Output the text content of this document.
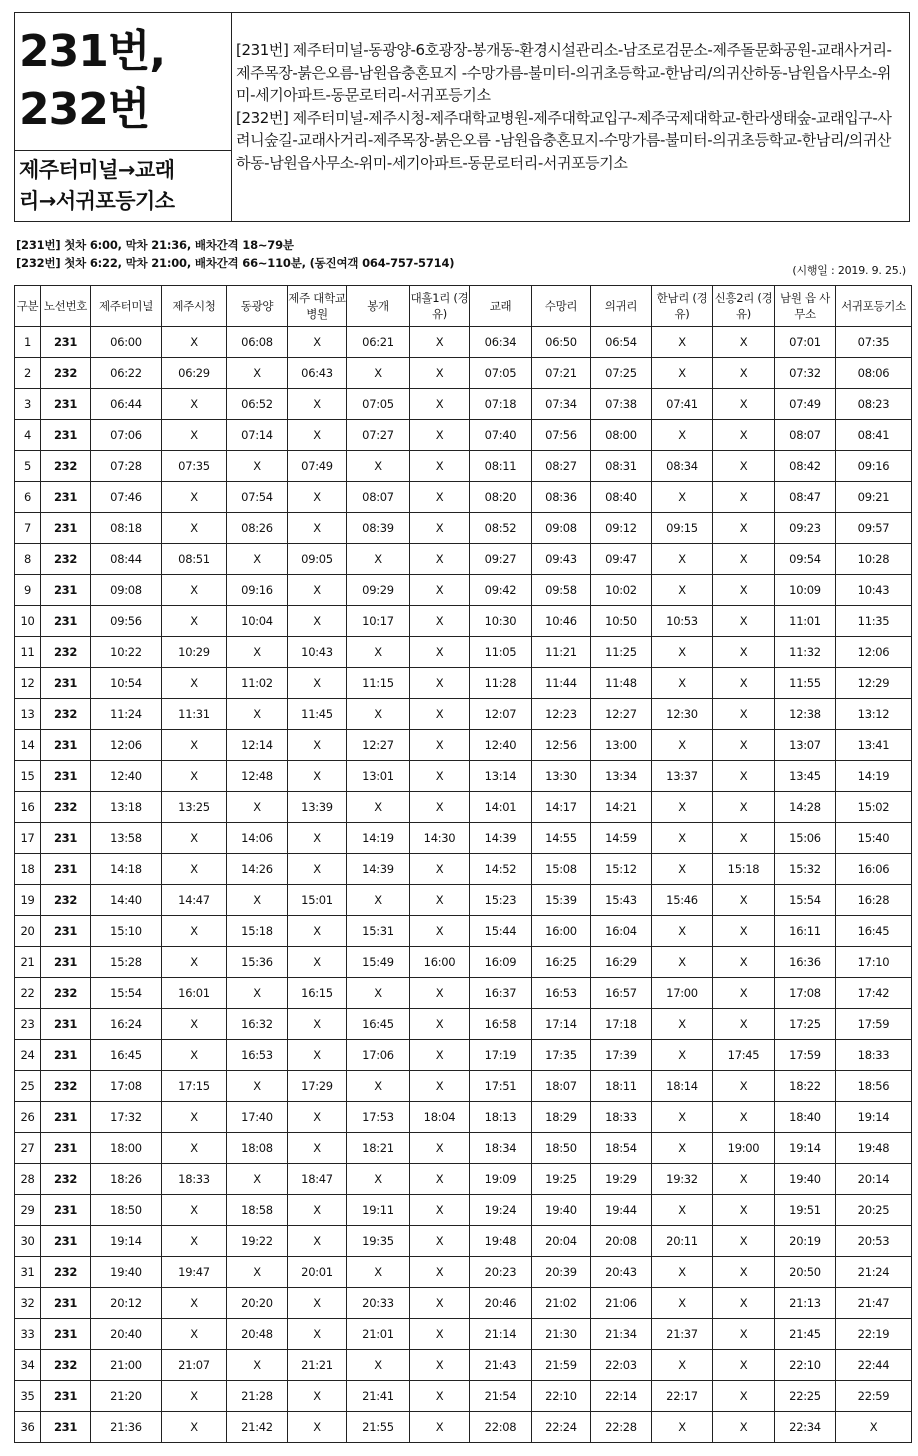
231번,
232번
제주터미널→교래
리→서귀포등기소
[231번] 제주터미널-동광양-6호광장-봉개동-환경시설관리소-남조로검문소-제주돌문화공원-교래사거리-제주목장-붉은오름-남원읍충혼묘지 -수망가름-불미터-의귀초등학교-한남리/의귀산하동-남원읍사무소-위미-세기아파트-동문로터리-서귀포등기소
[232번] 제주터미널-제주시청-제주대학교병원-제주대학교입구-제주국제대학교-한라생태숲-교래입구-사려니숲길-교래사거리-제주목장-붉은오름 -남원읍충혼묘지-수망가름-불미터-의귀초등학교-한남리/의귀산하동-남원읍사무소-위미-세기아파트-동문로터리-서귀포등기소
[231번] 첫차 6:00, 막차 21:36, 배차간격 18~79분
[232번] 첫차 6:22, 막차 21:00, 배차간격 66~110분, (동진여객 064-757-5714)
(시행일 : 2019. 9. 25.)
구분	노선번호	제주터미널	제주시청	동광양	제주 대학교병원	봉개	대흘1리 (경유)	교래	수망리	의귀리	한남리 (경유)	신흥2리 (경유)	남원 읍 사무소	서귀포등기소
1	231	06:00	X	06:08	X	06:21	X	06:34	06:50	06:54	X	X	07:01	07:35
2	232	06:22	06:29	X	06:43	X	X	07:05	07:21	07:25	X	X	07:32	08:06
3	231	06:44	X	06:52	X	07:05	X	07:18	07:34	07:38	07:41	X	07:49	08:23
4	231	07:06	X	07:14	X	07:27	X	07:40	07:56	08:00	X	X	08:07	08:41
5	232	07:28	07:35	X	07:49	X	X	08:11	08:27	08:31	08:34	X	08:42	09:16
6	231	07:46	X	07:54	X	08:07	X	08:20	08:36	08:40	X	X	08:47	09:21
7	231	08:18	X	08:26	X	08:39	X	08:52	09:08	09:12	09:15	X	09:23	09:57
8	232	08:44	08:51	X	09:05	X	X	09:27	09:43	09:47	X	X	09:54	10:28
9	231	09:08	X	09:16	X	09:29	X	09:42	09:58	10:02	X	X	10:09	10:43
10	231	09:56	X	10:04	X	10:17	X	10:30	10:46	10:50	10:53	X	11:01	11:35
11	232	10:22	10:29	X	10:43	X	X	11:05	11:21	11:25	X	X	11:32	12:06
12	231	10:54	X	11:02	X	11:15	X	11:28	11:44	11:48	X	X	11:55	12:29
13	232	11:24	11:31	X	11:45	X	X	12:07	12:23	12:27	12:30	X	12:38	13:12
14	231	12:06	X	12:14	X	12:27	X	12:40	12:56	13:00	X	X	13:07	13:41
15	231	12:40	X	12:48	X	13:01	X	13:14	13:30	13:34	13:37	X	13:45	14:19
16	232	13:18	13:25	X	13:39	X	X	14:01	14:17	14:21	X	X	14:28	15:02
17	231	13:58	X	14:06	X	14:19	14:30	14:39	14:55	14:59	X	X	15:06	15:40
18	231	14:18	X	14:26	X	14:39	X	14:52	15:08	15:12	X	15:18	15:32	16:06
19	232	14:40	14:47	X	15:01	X	X	15:23	15:39	15:43	15:46	X	15:54	16:28
20	231	15:10	X	15:18	X	15:31	X	15:44	16:00	16:04	X	X	16:11	16:45
21	231	15:28	X	15:36	X	15:49	16:00	16:09	16:25	16:29	X	X	16:36	17:10
22	232	15:54	16:01	X	16:15	X	X	16:37	16:53	16:57	17:00	X	17:08	17:42
23	231	16:24	X	16:32	X	16:45	X	16:58	17:14	17:18	X	X	17:25	17:59
24	231	16:45	X	16:53	X	17:06	X	17:19	17:35	17:39	X	17:45	17:59	18:33
25	232	17:08	17:15	X	17:29	X	X	17:51	18:07	18:11	18:14	X	18:22	18:56
26	231	17:32	X	17:40	X	17:53	18:04	18:13	18:29	18:33	X	X	18:40	19:14
27	231	18:00	X	18:08	X	18:21	X	18:34	18:50	18:54	X	19:00	19:14	19:48
28	232	18:26	18:33	X	18:47	X	X	19:09	19:25	19:29	19:32	X	19:40	20:14
29	231	18:50	X	18:58	X	19:11	X	19:24	19:40	19:44	X	X	19:51	20:25
30	231	19:14	X	19:22	X	19:35	X	19:48	20:04	20:08	20:11	X	20:19	20:53
31	232	19:40	19:47	X	20:01	X	X	20:23	20:39	20:43	X	X	20:50	21:24
32	231	20:12	X	20:20	X	20:33	X	20:46	21:02	21:06	X	X	21:13	21:47
33	231	20:40	X	20:48	X	21:01	X	21:14	21:30	21:34	21:37	X	21:45	22:19
34	232	21:00	21:07	X	21:21	X	X	21:43	21:59	22:03	X	X	22:10	22:44
35	231	21:20	X	21:28	X	21:41	X	21:54	22:10	22:14	22:17	X	22:25	22:59
36	231	21:36	X	21:42	X	21:55	X	22:08	22:24	22:28	X	X	22:34	X
